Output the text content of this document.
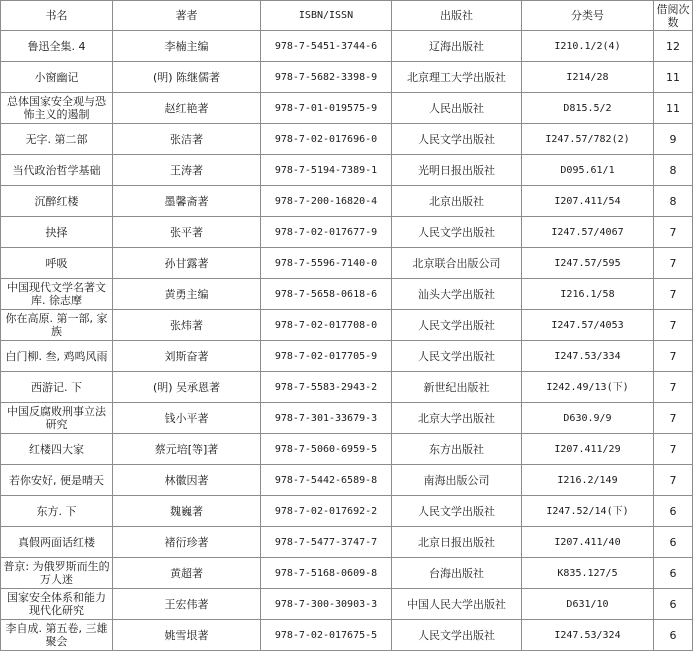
书名	著者	ISBN/ISSN	出版社	分类号	借阅次数
鲁迅全集. 4	李楠主编	978-7-5451-3744-6	辽海出版社	I210.1/2(4)	12
小窗幽记	(明) 陈继儒著	978-7-5682-3398-9	北京理工大学出版社	I214/28	11
总体国家安全观与恐怖主义的遏制	赵红艳著	978-7-01-019575-9	人民出版社	D815.5/2	11
无字. 第二部	张洁著	978-7-02-017696-0	人民文学出版社	I247.57/782(2)	9
当代政治哲学基础	王涛著	978-7-5194-7389-1	光明日报出版社	D095.61/1	8
沉醉红楼	墨馨斋著	978-7-200-16820-4	北京出版社	I207.411/54	8
抉择	张平著	978-7-02-017677-9	人民文学出版社	I247.57/4067	7
呼吸	孙甘露著	978-7-5596-7140-0	北京联合出版公司	I247.57/595	7
中国现代文学名著文库. 徐志摩	黄勇主编	978-7-5658-0618-6	汕头大学出版社	I216.1/58	7
你在高原. 第一部, 家族	张炜著	978-7-02-017708-0	人民文学出版社	I247.57/4053	7
白门柳. 叁, 鸡鸣风雨	刘斯奋著	978-7-02-017705-9	人民文学出版社	I247.53/334	7
西游记. 下	(明) 吴承恩著	978-7-5583-2943-2	新世纪出版社	I242.49/13(下)	7
中国反腐败刑事立法研究	钱小平著	978-7-301-33679-3	北京大学出版社	D630.9/9	7
红楼四大家	蔡元培[等]著	978-7-5060-6959-5	东方出版社	I207.411/29	7
若你安好, 便是晴天	林徽因著	978-7-5442-6589-8	南海出版公司	I216.2/149	7
东方. 下	魏巍著	978-7-02-017692-2	人民文学出版社	I247.52/14(下)	6
真假两面话红楼	褚衍珍著	978-7-5477-3747-7	北京日报出版社	I207.411/40	6
普京: 为俄罗斯而生的万人迷	黄超著	978-7-5168-0609-8	台海出版社	K835.127/5	6
国家安全体系和能力现代化研究	王宏伟著	978-7-300-30903-3	中国人民大学出版社	D631/10	6
李自成. 第五卷, 三雄聚会	姚雪垠著	978-7-02-017675-5	人民文学出版社	I247.53/324	6
